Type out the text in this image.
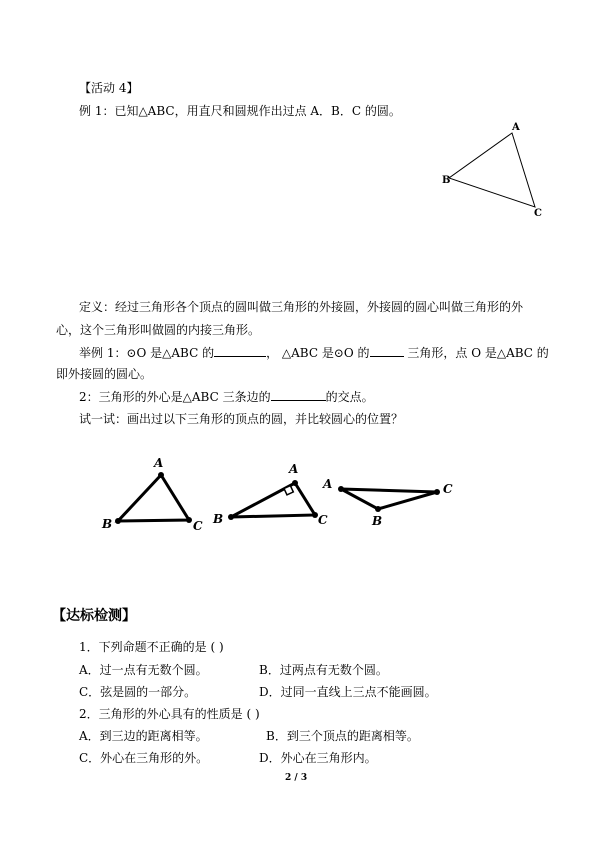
【活动 4】
例 1：已知△ABC，用直尺和圆规作出过点 A．B．C 的圆。
A
B
C
A
B	C
A
B	C
A
B
C
定义：经过三角形各个顶点的圆叫做三角形的外接圆，外接圆的圆心叫做三角形的外
心，这个三角形叫做圆的内接三角形。
举例 1：⊙O 是△ABC 的	， △ABC 是⊙O 的	三角形，点 O 是△ABC 的
即外接圆的圆心。
2：三角形的外心是△ABC 三条边的	的交点。
试一试：画出过以下三角形的顶点的圆，并比较圆心的位置？
【达标检测】
1．下列命题不正确的是 ( )
A．过一点有无数个圆。	B．过两点有无数个圆。
C．弦是圆的一部分。	D．过同一直线上三点不能画圆。
2．三角形的外心具有的性质是 ( )
A．到三边的距离相等。	B．到三个顶点的距离相等。
C．外心在三角形的外。	D．外心在三角形内。
2 / 3
